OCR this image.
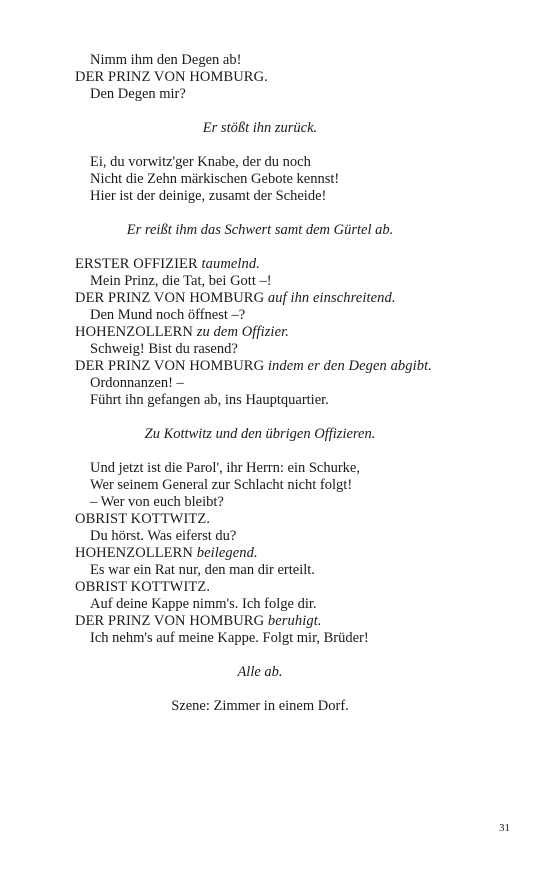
Nimm ihm den Degen ab!
DER PRINZ VON HOMBURG.
Den Degen mir?
Er stößt ihn zurück.
Ei, du vorwitz'ger Knabe, der du noch
Nicht die Zehn märkischen Gebote kennst!
Hier ist der deinige, zusamt der Scheide!
Er reißt ihm das Schwert samt dem Gürtel ab.
ERSTER OFFIZIER taumelnd.
Mein Prinz, die Tat, bei Gott –!
DER PRINZ VON HOMBURG auf ihn einschreitend.
Den Mund noch öffnest –?
HOHENZOLLERN zu dem Offizier.
Schweig! Bist du rasend?
DER PRINZ VON HOMBURG indem er den Degen abgibt.
Ordonnanzen! –
Führt ihn gefangen ab, ins Hauptquartier.
Zu Kottwitz und den übrigen Offizieren.
Und jetzt ist die Parol', ihr Herrn: ein Schurke,
Wer seinem General zur Schlacht nicht folgt!
– Wer von euch bleibt?
OBRIST KOTTWITZ.
Du hörst. Was eiferst du?
HOHENZOLLERN beilegend.
Es war ein Rat nur, den man dir erteilt.
OBRIST KOTTWITZ.
Auf deine Kappe nimm's. Ich folge dir.
DER PRINZ VON HOMBURG beruhigt.
Ich nehm's auf meine Kappe. Folgt mir, Brüder!
Alle ab.
Szene: Zimmer in einem Dorf.
31
